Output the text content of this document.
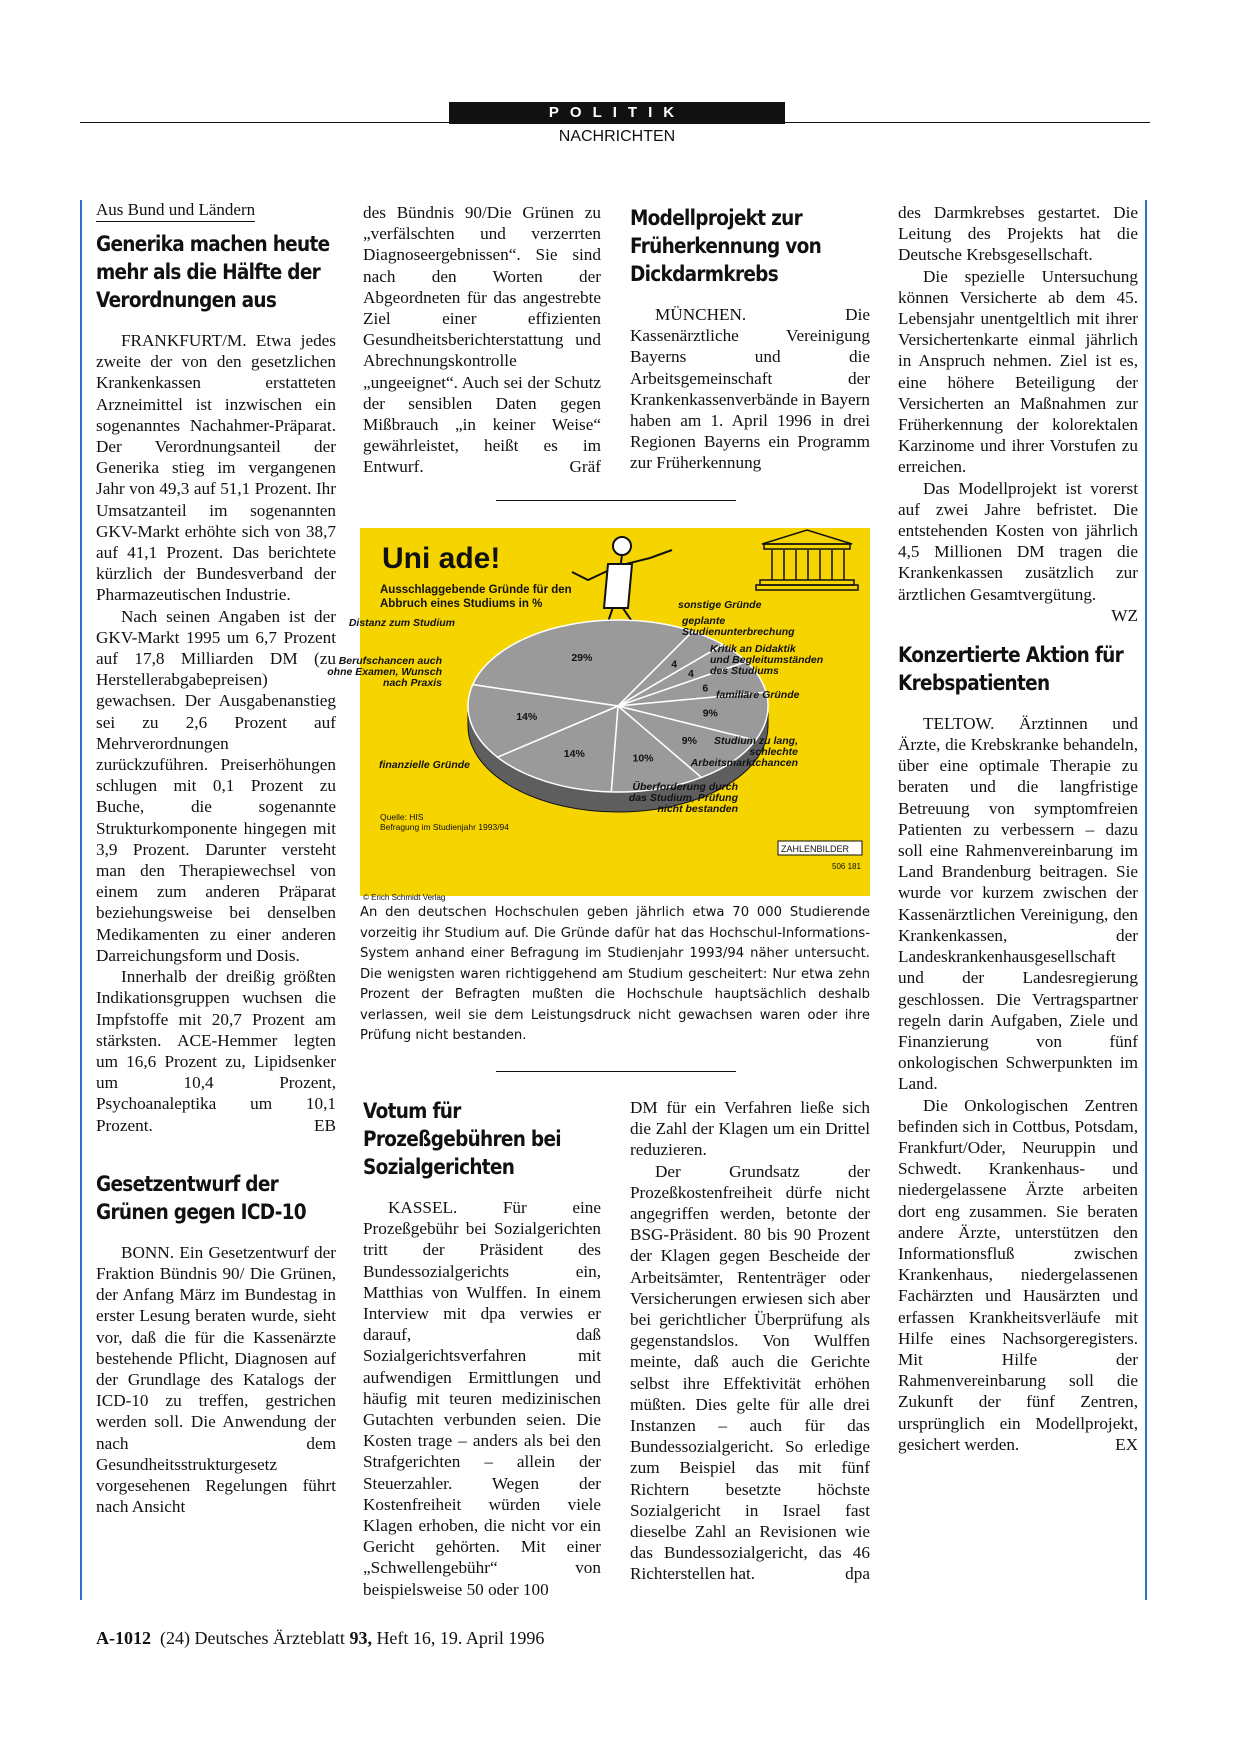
POLITIK
NACHRICHTEN
Aus Bund und Ländern
Generika machen heute mehr als die Hälfte der Verordnungen aus

FRANKFURT/M. Etwa jedes zweite der von den gesetzlichen Krankenkassen erstatteten Arzneimittel ist inzwischen ein sogenanntes Nachahmer-Präparat. Der Verordnungsanteil der Generika stieg im vergangenen Jahr von 49,3 auf 51,1 Prozent. Ihr Umsatzanteil im sogenannten GKV-Markt erhöhte sich von 38,7 auf 41,1 Prozent. Das berichtete kürzlich der Bundesverband der Pharmazeutischen Industrie.

Nach seinen Angaben ist der GKV-Markt 1995 um 6,7 Prozent auf 17,8 Milliarden DM (zu Herstellerabgabepreisen) gewachsen. Der Ausgabenanstieg sei zu 2,6 Prozent auf Mehrverordnungen zurückzuführen. Preiserhöhungen schlugen mit 0,1 Prozent zu Buche, die sogenannte Strukturkomponente hingegen mit 3,9 Prozent. Darunter versteht man den Therapiewechsel von einem zum anderen Präparat beziehungsweise bei denselben Medikamenten zu einer anderen Darreichungsform und Dosis.

Innerhalb der dreißig größten Indikationsgruppen wuchsen die Impfstoffe mit 20,7 Prozent am stärksten. ACE-Hemmer legten um 16,6 Prozent zu, Lipidsenker um 10,4 Prozent, Psychoanaleptika um 10,1 Prozent.	EB

Gesetzentwurf der Grünen gegen ICD-10

BONN. Ein Gesetzentwurf der Fraktion Bündnis 90/ Die Grünen, der Anfang März im Bundestag in erster Lesung beraten wurde, sieht vor, daß die für die Kassenärzte bestehende Pflicht, Diagnosen auf der Grundlage des Katalogs der ICD-10 zu treffen, gestrichen werden soll. Die Anwendung der nach dem Gesundheitsstrukturgesetz vorgesehenen Regelungen führt nach Ansicht

des Bündnis 90/Die Grünen zu „verfälschten und verzerrten Diagnoseergebnissen“. Sie sind nach den Worten der Abgeordneten für das angestrebte Ziel einer effizienten Gesundheitsberichterstattung und Abrechnungskontrolle „ungeeignet“. Auch sei der Schutz der sensiblen Daten gegen Mißbrauch „in keiner Weise“ gewährleistet, heißt es im Entwurf.	Gräf

Modellprojekt zur Früherkennung von Dickdarmkrebs

MÜNCHEN. Die Kassenärztliche Vereinigung Bayerns und die Arbeitsgemeinschaft der Krankenkassenverbände in Bayern haben am 1. April 1996 in drei Regionen Bayerns ein Programm zur Früherkennung

Uni ade!
Ausschlaggebende Gründe für den Abbruch eines Studiums in %
29%
Distanz zum Studium
4
sonstige Gründe
4
geplante Studienunterbrechung
6
Kritik an Didaktik und Begleitumständen des Studiums
9%
familiäre Gründe
9%	Studium zu lang, schlechte Arbeitsmarktchancen
10%
Überforderung durch das Studium, Prüfung nicht bestanden
14%
finanzielle Gründe
14%
Berufschancen auch ohne Examen, Wunsch nach Praxis
Quelle: HIS
Befragung im Studienjahr 1993/94
ZAHLENBILDER
506 181
© Erich Schmidt Verlag
An den deutschen Hochschulen geben jährlich etwa 70 000 Studierende vorzeitig ihr Studium auf. Die Gründe dafür hat das Hochschul-Informations-System anhand einer Befragung im Studienjahr 1993/94 näher untersucht. Die wenigsten waren richtiggehend am Studium gescheitert: Nur etwa zehn Prozent der Befragten mußten die Hochschule hauptsächlich deshalb verlassen, weil sie dem Leistungsdruck nicht gewachsen waren oder ihre Prüfung nicht bestanden.
Votum für Prozeßgebühren bei Sozialgerichten

KASSEL. Für eine Prozeßgebühr bei Sozialgerichten tritt der Präsident des Bundessozialgerichts ein, Matthias von Wulffen. In einem Interview mit dpa verwies er darauf, daß Sozialgerichtsverfahren mit aufwendigen Ermittlungen und häufig mit teuren medizinischen Gutachten verbunden seien. Die Kosten trage – anders als bei den Strafgerichten – allein der Steuerzahler. Wegen der Kostenfreiheit würden viele Klagen erhoben, die nicht vor ein Gericht gehörten. Mit einer „Schwellengebühr“ von beispielsweise 50 oder 100

DM für ein Verfahren ließe sich die Zahl der Klagen um ein Drittel reduzieren.

Der Grundsatz der Prozeßkostenfreiheit dürfe nicht angegriffen werden, betonte der BSG-Präsident. 80 bis 90 Prozent der Klagen gegen Bescheide der Arbeitsämter, Rententräger oder Versicherungen erwiesen sich aber bei gerichtlicher Überprüfung als gegenstandslos. Von Wulffen meinte, daß auch die Gerichte selbst ihre Effektivität erhöhen müßten. Dies gelte für alle drei Instanzen – auch für das Bundessozialgericht. So erledige zum Beispiel das mit fünf Richtern besetzte höchste Sozialgericht in Israel fast dieselbe Zahl an Revisionen wie das Bundessozialgericht, das 46 Richterstellen hat.	dpa

des Darmkrebses gestartet. Die Leitung des Projekts hat die Deutsche Krebsgesellschaft.

Die spezielle Untersuchung können Versicherte ab dem 45. Lebensjahr unentgeltlich mit ihrer Versichertenkarte einmal jährlich in Anspruch nehmen. Ziel ist es, eine höhere Beteiligung der Versicherten an Maßnahmen zur Früherkennung der kolorektalen Karzinome und ihrer Vorstufen zu erreichen.

Das Modellprojekt ist vorerst auf zwei Jahre befristet. Die entstehenden Kosten von jährlich 4,5 Millionen DM tragen die Krankenkassen zusätzlich zur ärztlichen Gesamtvergütung.
WZ

Konzertierte Aktion für Krebspatienten

TELTOW. Ärztinnen und Ärzte, die Krebskranke behandeln, über eine optimale Therapie zu beraten und die langfristige Betreuung von symptomfreien Patienten zu verbessern – dazu soll eine Rahmenvereinbarung im Land Brandenburg beitragen. Sie wurde vor kurzem zwischen der Kassenärztlichen Vereinigung, den Krankenkassen, der Landeskrankenhausgesellschaft und der Landesregierung geschlossen. Die Vertragspartner regeln darin Aufgaben, Ziele und Finanzierung von fünf onkologischen Schwerpunkten im Land.

Die Onkologischen Zentren befinden sich in Cottbus, Potsdam, Frankfurt/Oder, Neuruppin und Schwedt. Krankenhaus- und niedergelassene Ärzte arbeiten dort eng zusammen. Sie beraten andere Ärzte, unterstützen den Informationsfluß zwischen Krankenhaus, niedergelassenen Fachärzten und Hausärzten und erfassen Krankheitsverläufe mit Hilfe eines Nachsorgeregisters. Mit Hilfe der Rahmenvereinbarung soll die Zukunft der fünf Zentren, ursprünglich ein Modellprojekt, gesichert werden.	EX

A-1012 (24) Deutsches Ärzteblatt 93, Heft 16, 19. April 1996
